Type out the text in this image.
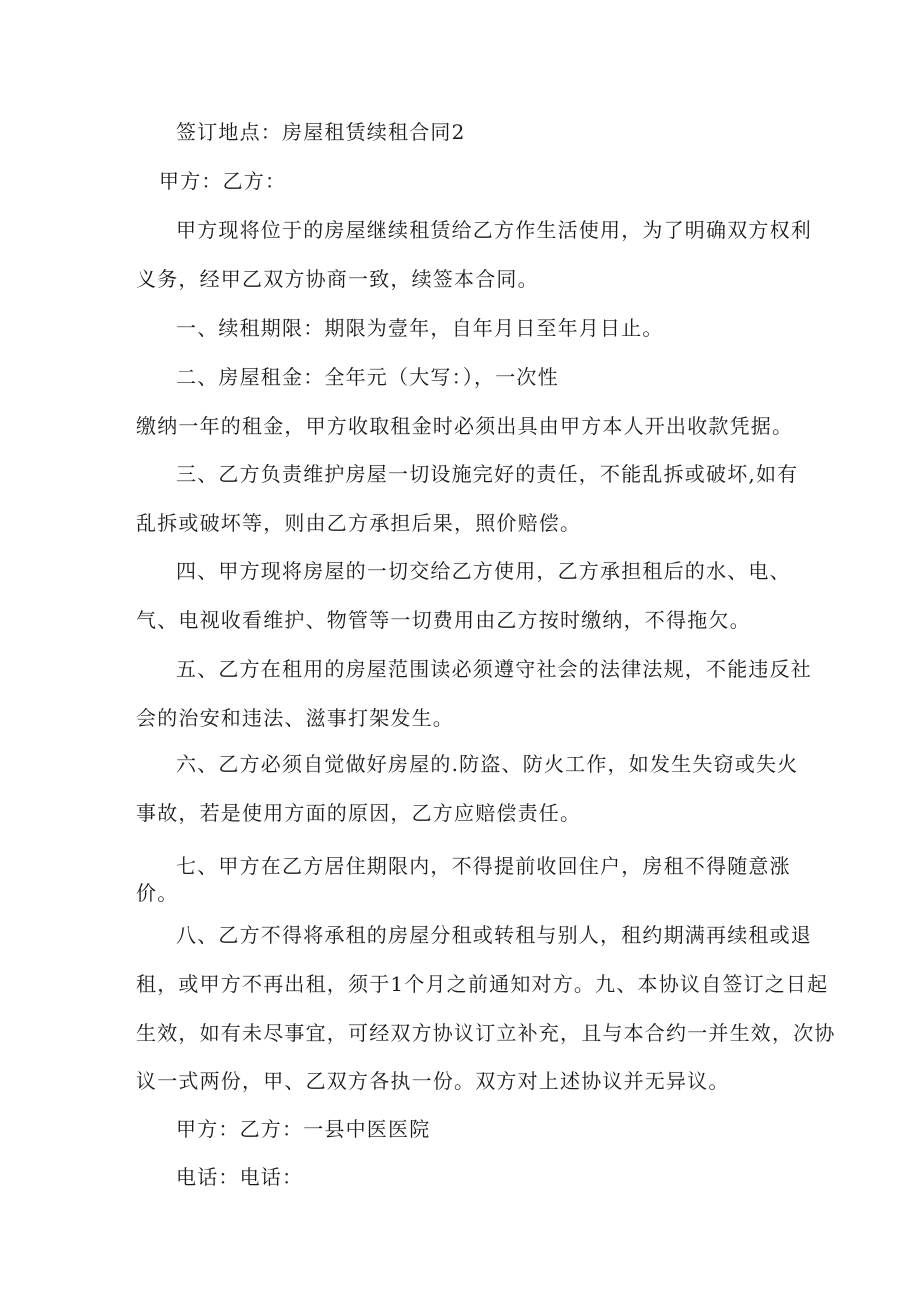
签订地点：房屋租赁续租合同2
甲方：乙方：
甲方现将位于的房屋继续租赁给乙方作生活使用，为了明确双方权利
义务，经甲乙双方协商一致，续签本合同。
一、续租期限：期限为壹年，自年月日至年月日止。
二、房屋租金：全年元（大写：），一次性
缴纳一年的租金，甲方收取租金时必须出具由甲方本人开出收款凭据。
三、乙方负责维护房屋一切设施完好的责任，不能乱拆或破坏,如有
乱拆或破坏等，则由乙方承担后果，照价赔偿。
四、甲方现将房屋的一切交给乙方使用，乙方承担租后的水、电、
气、电视收看维护、物管等一切费用由乙方按时缴纳，不得拖欠。
五、乙方在租用的房屋范围读必须遵守社会的法律法规，不能违反社
会的治安和违法、滋事打架发生。
六、乙方必须自觉做好房屋的.防盗、防火工作，如发生失窃或失火
事故，若是使用方面的原因，乙方应赔偿责任。
七、甲方在乙方居住期限内，不得提前收回住户，房租不得随意涨
价。
八、乙方不得将承租的房屋分租或转租与别人，租约期满再续租或退
租，或甲方不再出租，须于1个月之前通知对方。九、本协议自签订之日起
生效，如有未尽事宜，可经双方协议订立补充，且与本合约一并生效，次协
议一式两份，甲、乙双方各执一份。双方对上述协议并无异议。
甲方：乙方：一县中医医院
电话：电话：
